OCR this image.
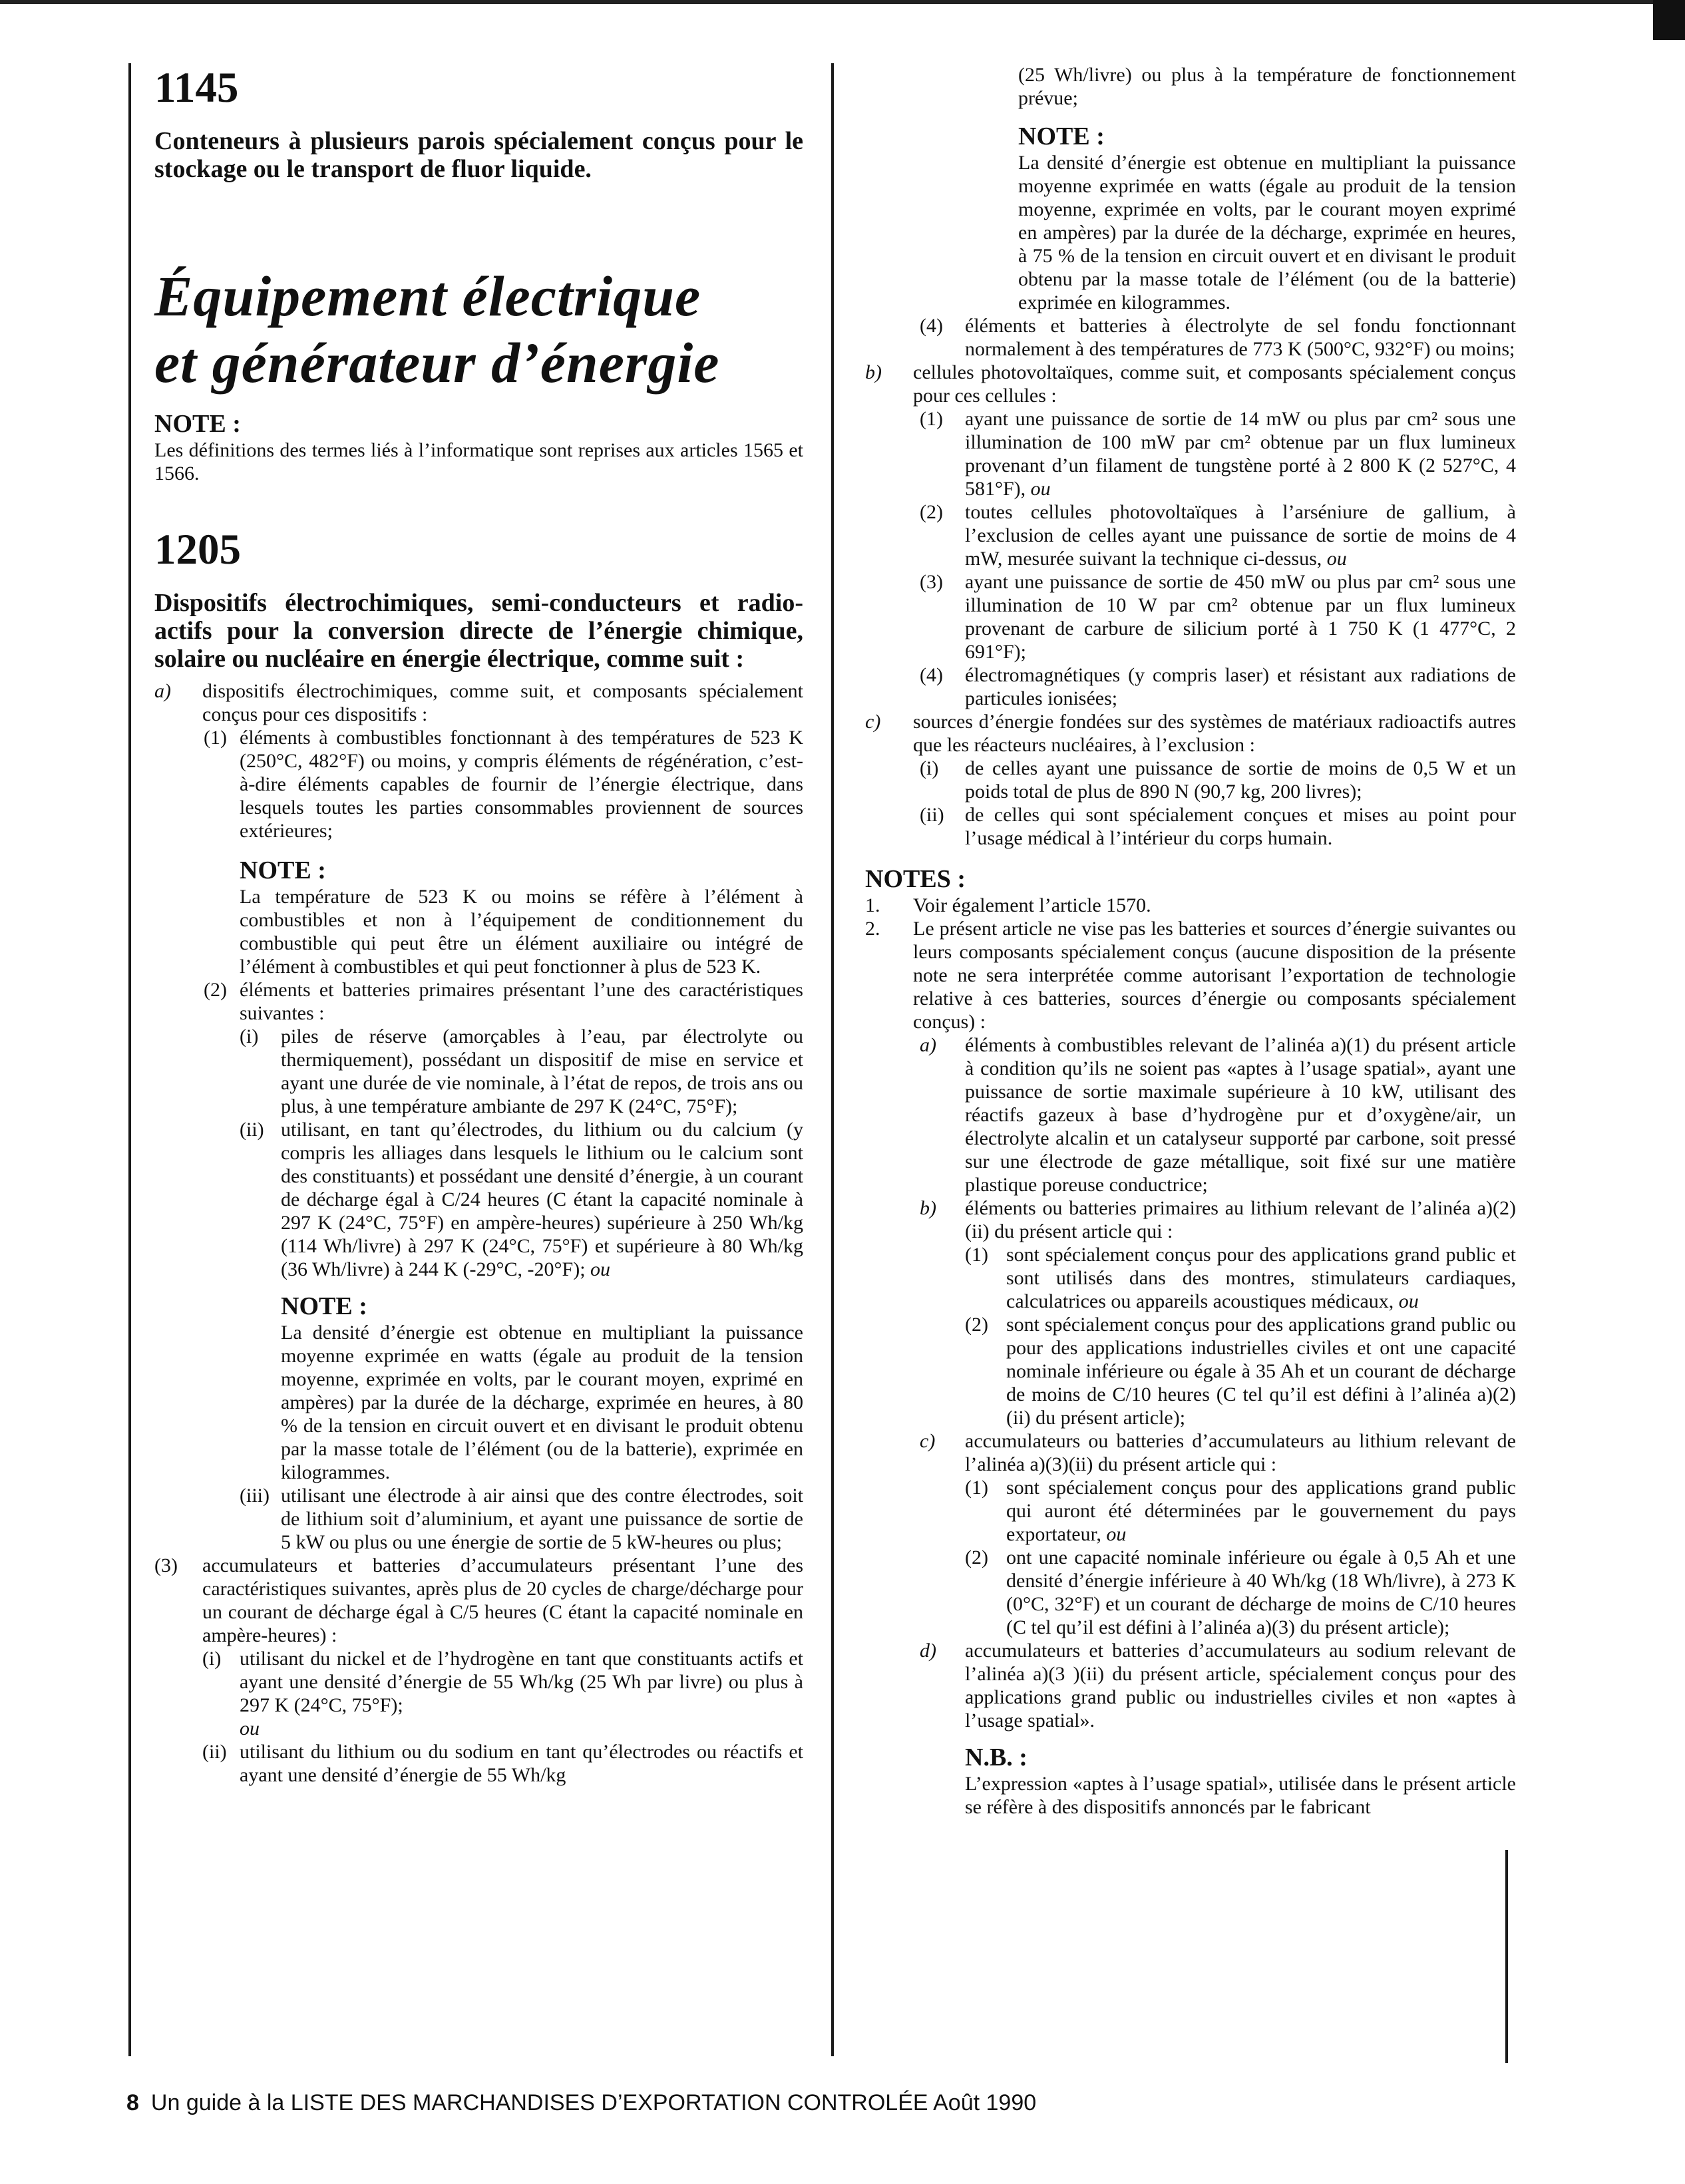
1145

Conteneurs à plusieurs parois spécialement conçus pour le stockage ou le transport de fluor liquide.

Équipement électrique
et générateur d’énergie
NOTE :

Les définitions des termes liés à l’informatique sont reprises aux articles 1565 et 1566.

1205

Dispositifs électrochimiques, semi-conducteurs et radio-actifs pour la conversion directe de l’énergie chimique, solaire ou nucléaire en énergie électrique, comme suit :

a) dispositifs électrochimiques, comme suit, et composants spécialement conçus pour ces dispositifs :
(1) éléments à combustibles fonctionnant à des températures de 523 K (250°C, 482°F) ou moins, y compris éléments de régénération, c’est-à-dire éléments capables de fournir de l’énergie électrique, dans lesquels toutes les parties consommables proviennent de sources extérieures;
NOTE :

La température de 523 K ou moins se réfère à l’élément à combustibles et non à l’équipement de conditionnement du combustible qui peut être un élément auxiliaire ou intégré de l’élément à combustibles et qui peut fonctionner à plus de 523 K.

(2) éléments et batteries primaires présentant l’une des caractéristiques suivantes :
(i) piles de réserve (amorçables à l’eau, par électrolyte ou thermiquement), possédant un dispositif de mise en service et ayant une durée de vie nominale, à l’état de repos, de trois ans ou plus, à une température ambiante de 297 K (24°C, 75°F);
(ii) utilisant, en tant qu’électrodes, du lithium ou du calcium (y compris les alliages dans lesquels le lithium ou le calcium sont des constituants) et possédant une densité d’énergie, à un courant de décharge égal à C/24 heures (C étant la capacité nominale à 297 K (24°C, 75°F) en ampère-heures) supérieure à 250 Wh/kg (114 Wh/livre) à 297 K (24°C, 75°F) et supérieure à 80 Wh/kg (36 Wh/livre) à 244 K (-29°C, -20°F); ou
NOTE :

La densité d’énergie est obtenue en multipliant la puissance moyenne exprimée en watts (égale au produit de la tension moyenne, exprimée en volts, par le courant moyen, exprimé en ampères) par la durée de la décharge, exprimée en heures, à 80 % de la tension en circuit ouvert et en divisant le produit obtenu par la masse totale de l’élément (ou de la batterie), exprimée en kilogrammes.

(iii) utilisant une électrode à air ainsi que des contre électrodes, soit de lithium soit d’aluminium, et ayant une puissance de sortie de 5 kW ou plus ou une énergie de sortie de 5 kW-heures ou plus;
(3) accumulateurs et batteries d’accumulateurs présentant l’une des caractéristiques suivantes, après plus de 20 cycles de charge/décharge pour un courant de décharge égal à C/5 heures (C étant la capacité nominale en ampère-heures) :
(i) utilisant du nickel et de l’hydrogène en tant que constituants actifs et ayant une densité d’énergie de 55 Wh/kg (25 Wh par livre) ou plus à 297 K (24°C, 75°F);
ou
(ii) utilisant du lithium ou du sodium en tant qu’électrodes ou réactifs et ayant une densité d’énergie de 55 Wh/kg

(25 Wh/livre) ou plus à la température de fonctionnement prévue;

NOTE :

La densité d’énergie est obtenue en multipliant la puissance moyenne exprimée en watts (égale au produit de la tension moyenne, exprimée en volts, par le courant moyen exprimé en ampères) par la durée de la décharge, exprimée en heures, à 75 % de la tension en circuit ouvert et en divisant le produit obtenu par la masse totale de l’élément (ou de la batterie) exprimée en kilogrammes.

(4) éléments et batteries à électrolyte de sel fondu fonctionnant normalement à des températures de 773 K (500°C, 932°F) ou moins;
b) cellules photovoltaïques, comme suit, et composants spécialement conçus pour ces cellules :
(1) ayant une puissance de sortie de 14 mW ou plus par cm² sous une illumination de 100 mW par cm² obtenue par un flux lumineux provenant d’un filament de tungstène porté à 2 800 K (2 527°C, 4 581°F), ou
(2) toutes cellules photovoltaïques à l’arséniure de gallium, à l’exclusion de celles ayant une puissance de sortie de moins de 4 mW, mesurée suivant la technique ci-dessus, ou
(3) ayant une puissance de sortie de 450 mW ou plus par cm² sous une illumination de 10 W par cm² obtenue par un flux lumineux provenant de carbure de silicium porté à 1 750 K (1 477°C, 2 691°F);
(4) électromagnétiques (y compris laser) et résistant aux radiations de particules ionisées;
c) sources d’énergie fondées sur des systèmes de matériaux radioactifs autres que les réacteurs nucléaires, à l’exclusion :
(i) de celles ayant une puissance de sortie de moins de 0,5 W et un poids total de plus de 890 N (90,7 kg, 200 livres);
(ii) de celles qui sont spécialement conçues et mises au point pour l’usage médical à l’intérieur du corps humain.
NOTES :
1. Voir également l’article 1570.
2. Le présent article ne vise pas les batteries et sources d’énergie suivantes ou leurs composants spécialement conçus (aucune disposition de la présente note ne sera interprétée comme autorisant l’exportation de technologie relative à ces batteries, sources d’énergie ou composants spécialement conçus) :
a) éléments à combustibles relevant de l’alinéa a)(1) du présent article à condition qu’ils ne soient pas «aptes à l’usage spatial», ayant une puissance de sortie maximale supérieure à 10 kW, utilisant des réactifs gazeux à base d’hydrogène pur et d’oxygène/air, un électrolyte alcalin et un catalyseur supporté par carbone, soit pressé sur une électrode de gaze métallique, soit fixé sur une matière plastique poreuse conductrice;
b) éléments ou batteries primaires au lithium relevant de l’alinéa a)(2)(ii) du présent article qui :
(1) sont spécialement conçus pour des applications grand public et sont utilisés dans des montres, stimulateurs cardiaques, calculatrices ou appareils acoustiques médicaux, ou
(2) sont spécialement conçus pour des applications grand public ou pour des applications industrielles civiles et ont une capacité nominale inférieure ou égale à 35 Ah et un courant de décharge de moins de C/10 heures (C tel qu’il est défini à l’alinéa a)(2)(ii) du présent article);
c) accumulateurs ou batteries d’accumulateurs au lithium relevant de l’alinéa a)(3)(ii) du présent article qui :
(1) sont spécialement conçus pour des applications grand public qui auront été déterminées par le gouvernement du pays exportateur, ou
(2) ont une capacité nominale inférieure ou égale à 0,5 Ah et une densité d’énergie inférieure à 40 Wh/kg (18 Wh/livre), à 273 K (0°C, 32°F) et un courant de décharge de moins de C/10 heures (C tel qu’il est défini à l’alinéa a)(3) du présent article);
d) accumulateurs et batteries d’accumulateurs au sodium relevant de l’alinéa a)(3 )(ii) du présent article, spécialement conçus pour des applications grand public ou industrielles civiles et non «aptes à l’usage spatial».
N.B. :

L’expression «aptes à l’usage spatial», utilisée dans le présent article se réfère à des dispositifs annoncés par le fabricant

8 Un guide à la LISTE DES MARCHANDISES D’EXPORTATION CONTROLÉE Août 1990
